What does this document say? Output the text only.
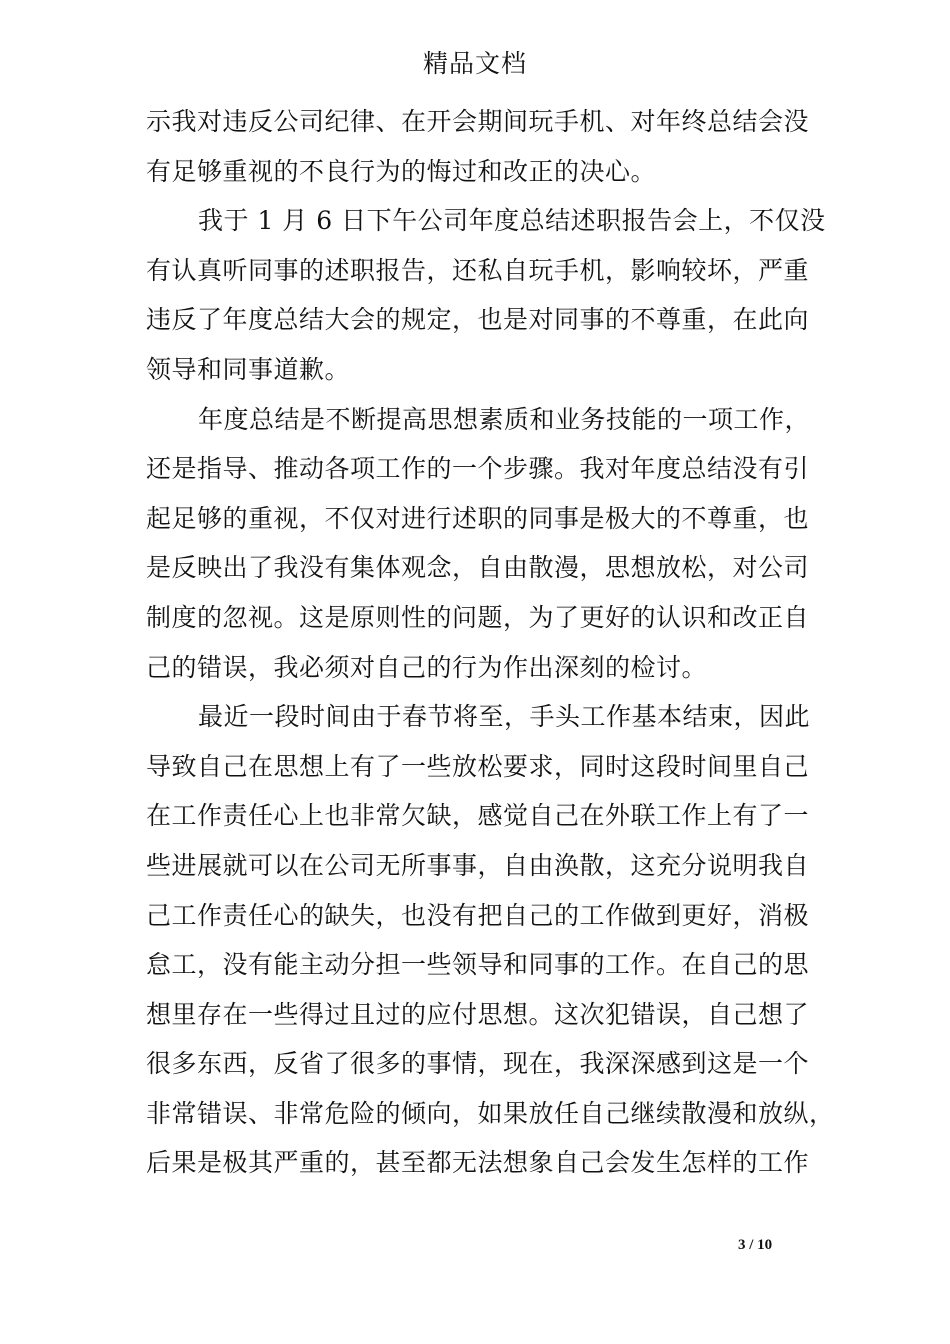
精品文档
示我对违反公司纪律、在开会期间玩手机、对年终总结会没
有足够重视的不良行为的悔过和改正的决心。
我于 1 月 6 日下午公司年度总结述职报告会上，不仅没
有认真听同事的述职报告，还私自玩手机，影响较坏，严重
违反了年度总结大会的规定，也是对同事的不尊重，在此向
领导和同事道歉。
年度总结是不断提高思想素质和业务技能的一项工作，
还是指导、推动各项工作的一个步骤。我对年度总结没有引
起足够的重视，不仅对进行述职的同事是极大的不尊重，也
是反映出了我没有集体观念，自由散漫，思想放松，对公司
制度的忽视。这是原则性的问题，为了更好的认识和改正自
己的错误，我必须对自己的行为作出深刻的检讨。
最近一段时间由于春节将至，手头工作基本结束，因此
导致自己在思想上有了一些放松要求，同时这段时间里自己
在工作责任心上也非常欠缺，感觉自己在外联工作上有了一
些进展就可以在公司无所事事，自由涣散，这充分说明我自
己工作责任心的缺失，也没有把自己的工作做到更好，消极
怠工，没有能主动分担一些领导和同事的工作。在自己的思
想里存在一些得过且过的应付思想。这次犯错误，自己想了
很多东西，反省了很多的事情，现在，我深深感到这是一个
非常错误、非常危险的倾向，如果放任自己继续散漫和放纵，
后果是极其严重的，甚至都无法想象自己会发生怎样的工作
3 / 10
